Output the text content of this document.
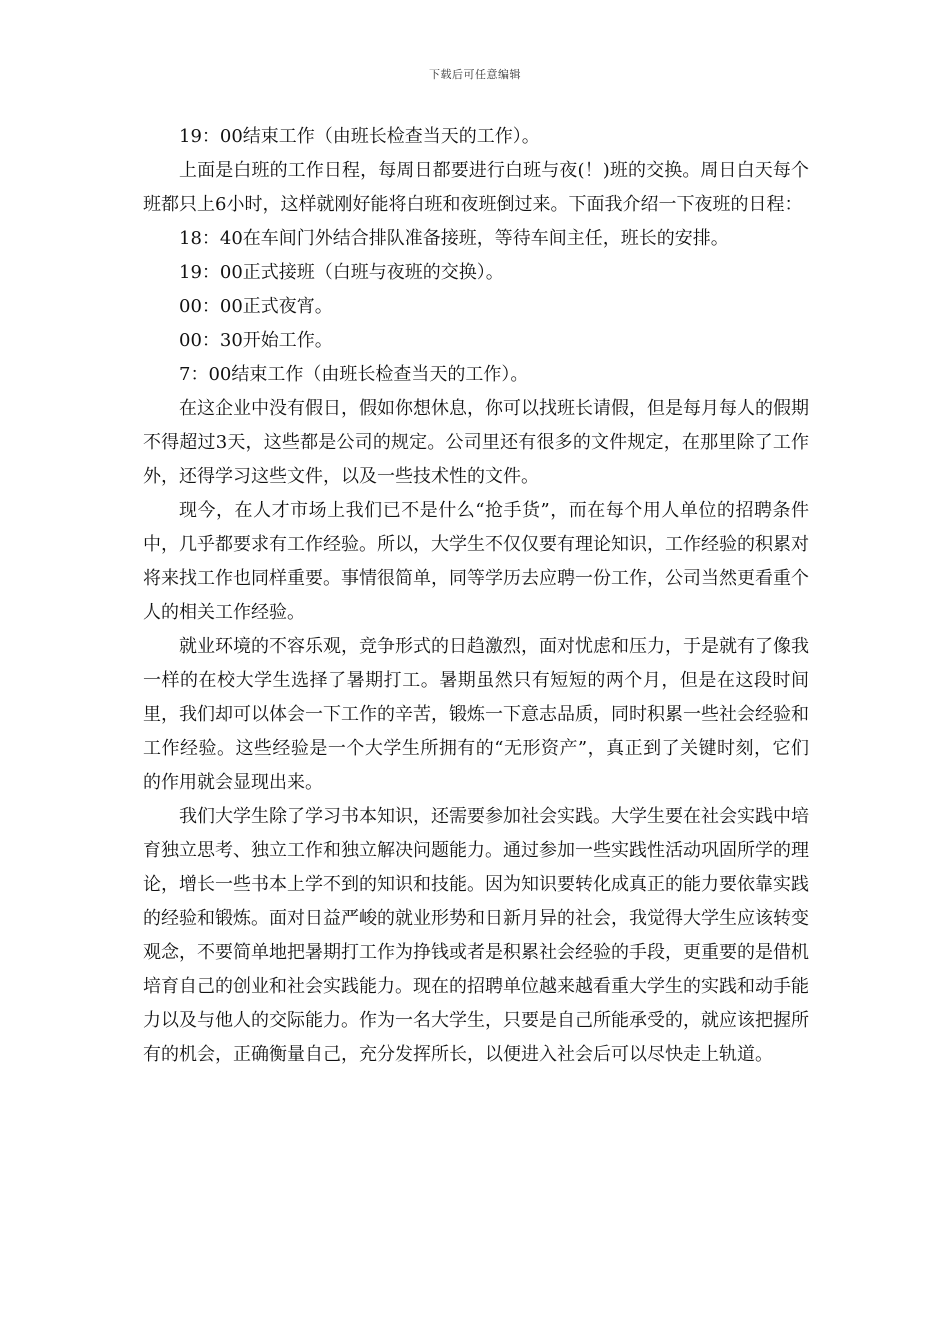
下载后可任意编辑

19：00结束工作（由班长检查当天的工作）。

上面是白班的工作日程，每周日都要进行白班与夜(！)班的交换。周日白天每个班都只上6小时，这样就刚好能将白班和夜班倒过来。下面我介绍一下夜班的日程：

18：40在车间门外结合排队准备接班，等待车间主任，班长的安排。

19：00正式接班（白班与夜班的交换）。

00：00正式夜宵。

00：30开始工作。

7：00结束工作（由班长检查当天的工作）。

在这企业中没有假日，假如你想休息，你可以找班长请假，但是每月每人的假期不得超过3天，这些都是公司的规定。公司里还有很多的文件规定，在那里除了工作外，还得学习这些文件，以及一些技术性的文件。

现今，在人才市场上我们已不是什么“抢手货”，而在每个用人单位的招聘条件中，几乎都要求有工作经验。所以，大学生不仅仅要有理论知识，工作经验的积累对将来找工作也同样重要。事情很简单，同等学历去应聘一份工作，公司当然更看重个人的相关工作经验。

就业环境的不容乐观，竞争形式的日趋激烈，面对忧虑和压力，于是就有了像我一样的在校大学生选择了暑期打工。暑期虽然只有短短的两个月，但是在这段时间里，我们却可以体会一下工作的辛苦，锻炼一下意志品质，同时积累一些社会经验和工作经验。这些经验是一个大学生所拥有的“无形资产”，真正到了关键时刻，它们的作用就会显现出来。

我们大学生除了学习书本知识，还需要参加社会实践。大学生要在社会实践中培育独立思考、独立工作和独立解决问题能力。通过参加一些实践性活动巩固所学的理论，增长一些书本上学不到的知识和技能。因为知识要转化成真正的能力要依靠实践的经验和锻炼。面对日益严峻的就业形势和日新月异的社会，我觉得大学生应该转变观念，不要简单地把暑期打工作为挣钱或者是积累社会经验的手段，更重要的是借机培育自己的创业和社会实践能力。现在的招聘单位越来越看重大学生的实践和动手能力以及与他人的交际能力。作为一名大学生，只要是自己所能承受的，就应该把握所有的机会，正确衡量自己，充分发挥所长，以便进入社会后可以尽快走上轨道。
